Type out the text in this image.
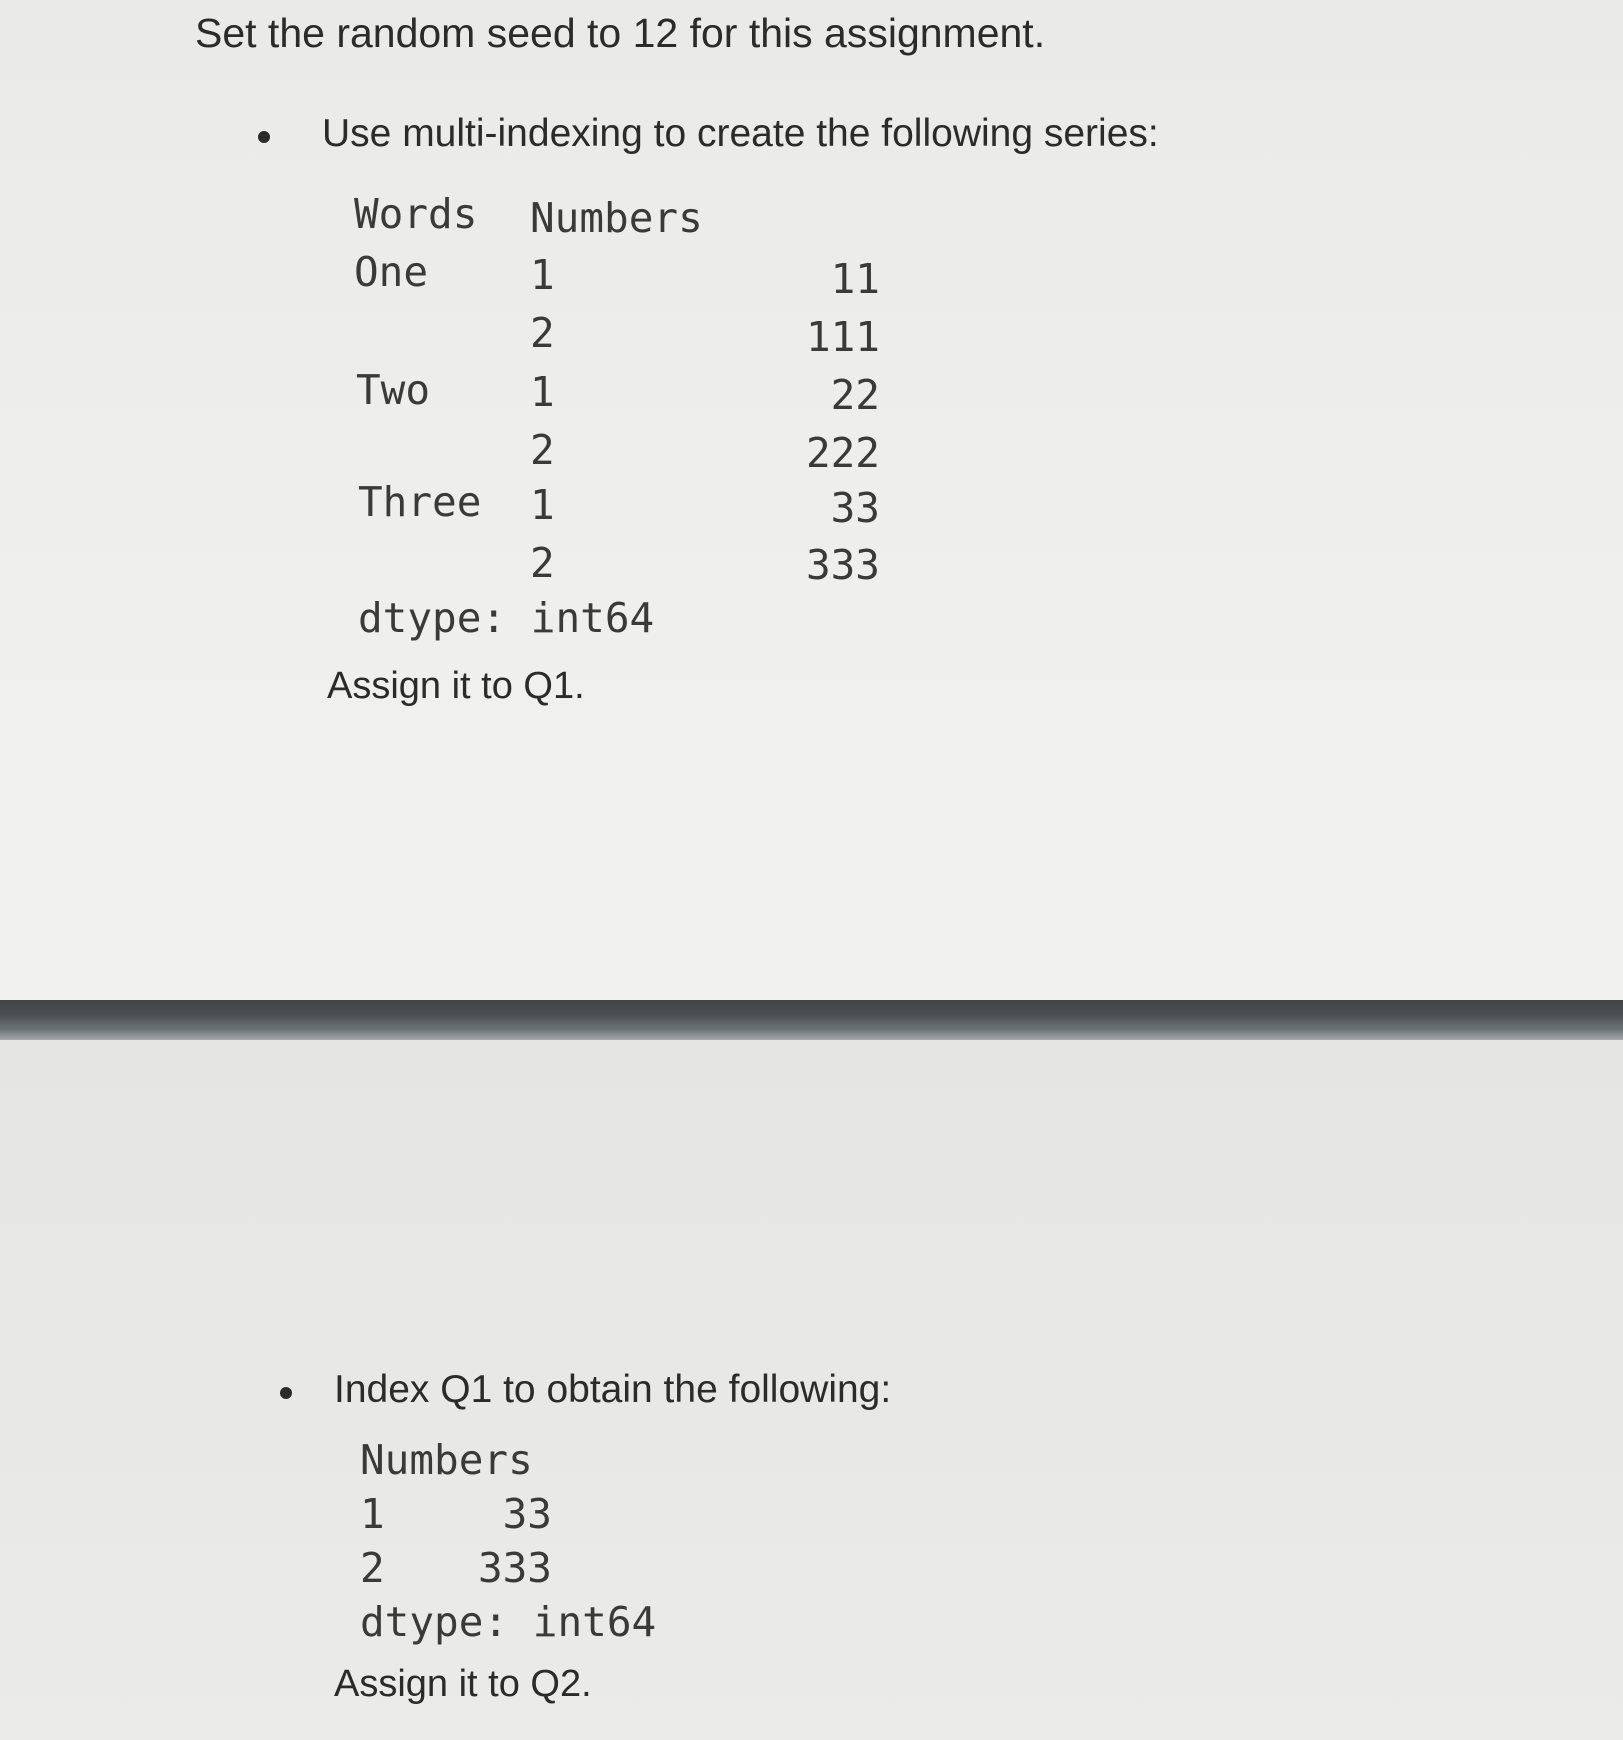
Set the random seed to 12 for this assignment.
Use multi-indexing to create the following series:
Words Numbers
One 1	11
2	111
Two 1	22
2	222
Three 1	33
2	333
dtype: int64
Assign it to Q1.
Index Q1 to obtain the following:
Numbers
1	33
2	333
dtype: int64
Assign it to Q2.
